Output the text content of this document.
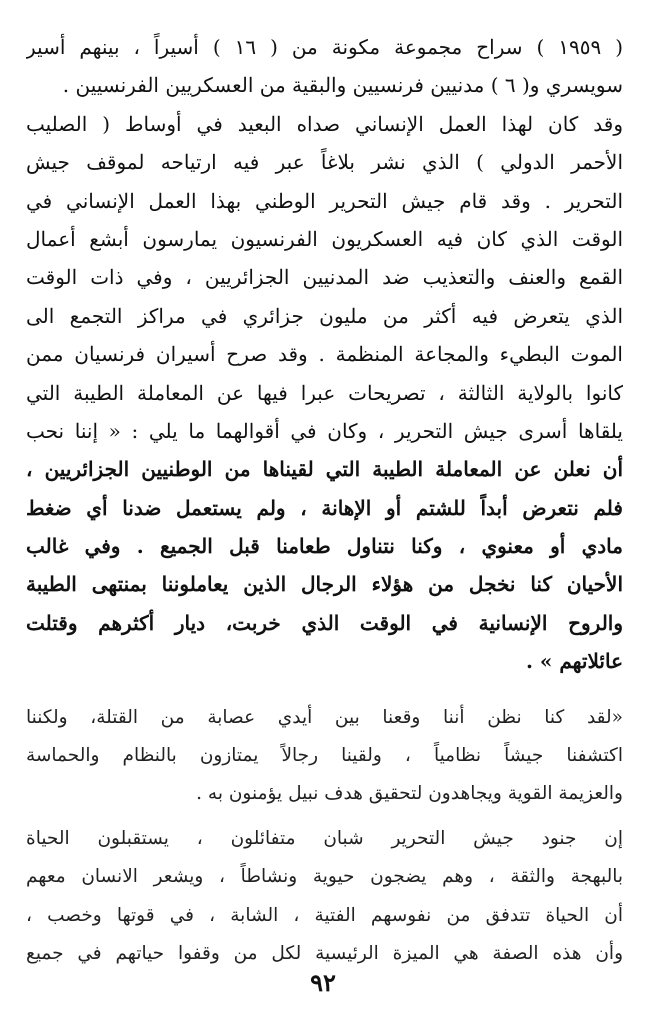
( ١٩٥٩ ) سراح مجموعة مكونة من ( ١٦ ) أسيراً ، بينهم أسير
سويسري و( ٦ ) مدنيين فرنسيين والبقية من العسكريين الفرنسيين .
وقد كان لهذا العمل الإنساني صداه البعيد في أوساط ( الصليب
الأحمر الدولي ) الذي نشر بلاغاً عبر فيه ارتياحه لموقف جيش
التحرير . وقد قام جيش التحرير الوطني بهذا العمل الإنساني في
الوقت الذي كان فيه العسكريون الفرنسيون يمارسون أبشع أعمال
القمع والعنف والتعذيب ضد المدنيين الجزائريين ، وفي ذات الوقت
الذي يتعرض فيه أكثر من مليون جزائري في مراكز التجمع الى
الموت البطيء والمجاعة المنظمة . وقد صرح أسيران فرنسيان ممن
كانوا بالولاية الثالثة ، تصريحات عبرا فيها عن المعاملة الطيبة التي
يلقاها أسرى جيش التحرير ، وكان في أقوالهما ما يلي : « إننا نحب
أن نعلن عن المعاملة الطيبة التي لقيناها من الوطنيين الجزائريين ،
فلم نتعرض أبداً للشتم أو الإهانة ، ولم يستعمل ضدنا أي ضغط
مادي أو معنوي ، وكنا نتناول طعامنا قبل الجميع . وفي غالب
الأحيان كنا نخجل من هؤلاء الرجال الذين يعاملوننا بمنتهى الطيبة
والروح الإنسانية في الوقت الذي خربت، ديار أكثرهم وقتلت
عائلاتهم » .
«لقد كنا نظن أننا وقعنا بين أيدي عصابة من القتلة، ولكننا
اكتشفنا جيشاً نظامياً ، ولقينا رجالاً يمتازون بالنظام والحماسة
والعزيمة القوية ويجاهدون لتحقيق هدف نبيل يؤمنون به .
إن جنود جيش التحرير شبان متفائلون ، يستقبلون الحياة
بالبهجة والثقة ، وهم يضجون حيوية ونشاطاً ، ويشعر الانسان معهم
أن الحياة تتدفق من نفوسهم الفتية ، الشابة ، في قوتها وخصب ،
وأن هذه الصفة هي الميزة الرئيسية لكل من وقفوا حياتهم في جميع
٩٢
